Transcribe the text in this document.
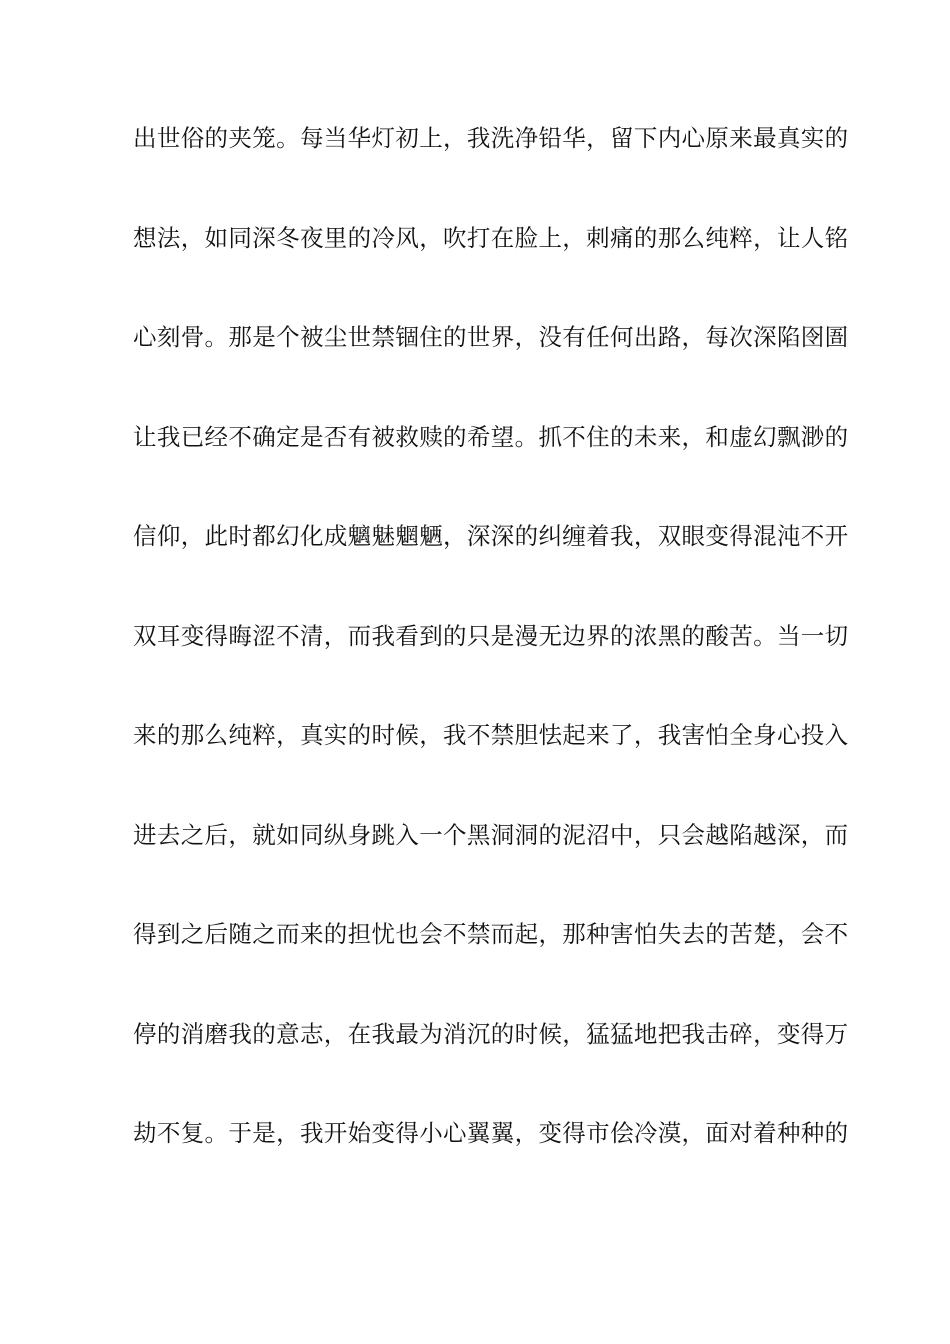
出世俗的夹笼。每当华灯初上，我洗净铅华，留下内心原来最真实的
想法，如同深冬夜里的冷风，吹打在脸上，刺痛的那么纯粹，让人铭
心刻骨。那是个被尘世禁锢住的世界，没有任何出路，每次深陷囹圄
让我已经不确定是否有被救赎的希望。抓不住的未来，和虚幻飘渺的
信仰，此时都幻化成魑魅魍魉，深深的纠缠着我，双眼变得混沌不开
双耳变得晦涩不清，而我看到的只是漫无边界的浓黑的酸苦。当一切
来的那么纯粹，真实的时候，我不禁胆怯起来了，我害怕全身心投入
进去之后，就如同纵身跳入一个黑洞洞的泥沼中，只会越陷越深，而
得到之后随之而来的担忧也会不禁而起，那种害怕失去的苦楚，会不
停的消磨我的意志，在我最为消沉的时候，猛猛地把我击碎，变得万
劫不复。于是，我开始变得小心翼翼，变得市侩冷漠，面对着种种的
